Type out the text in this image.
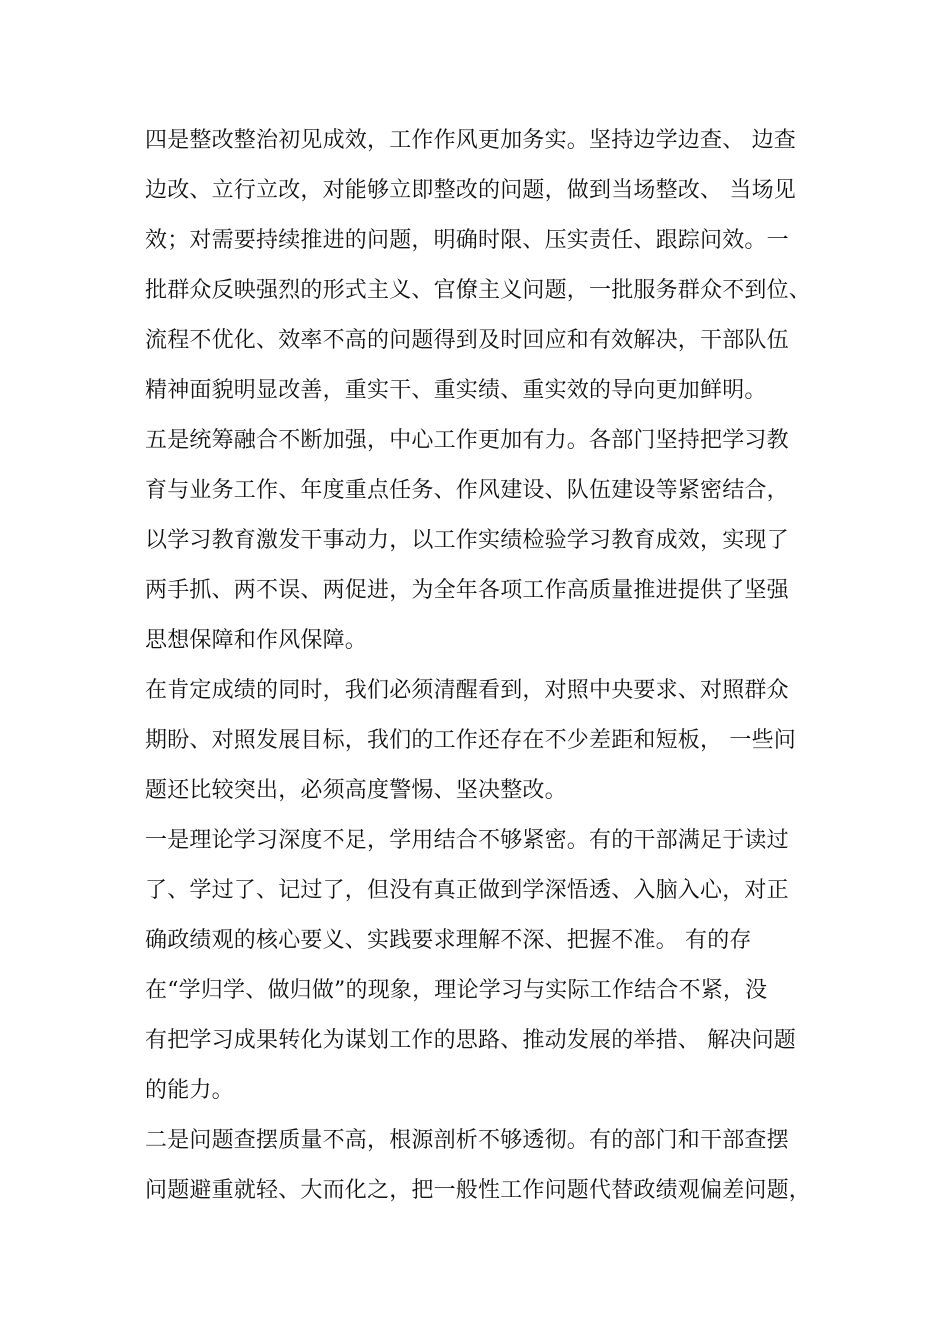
四是整改整治初见成效，工作作风更加务实。坚持边学边查、 边查
边改、立行立改，对能够立即整改的问题，做到当场整改、 当场见
效；对需要持续推进的问题，明确时限、压实责任、跟踪问效。一
批群众反映强烈的形式主义、官僚主义问题，一批服务群众不到位、
流程不优化、效率不高的问题得到及时回应和有效解决，干部队伍
精神面貌明显改善，重实干、重实绩、重实效的导向更加鲜明。
五是统筹融合不断加强，中心工作更加有力。各部门坚持把学习教
育与业务工作、年度重点任务、作风建设、队伍建设等紧密结合，
以学习教育激发干事动力，以工作实绩检验学习教育成效，实现了
两手抓、两不误、两促进，为全年各项工作高质量推进提供了坚强
思想保障和作风保障。
在肯定成绩的同时，我们必须清醒看到，对照中央要求、对照群众
期盼、对照发展目标，我们的工作还存在不少差距和短板， 一些问
题还比较突出，必须高度警惕、坚决整改。
一是理论学习深度不足，学用结合不够紧密。有的干部满足于读过
了、学过了、记过了，但没有真正做到学深悟透、入脑入心，对正
确政绩观的核心要义、实践要求理解不深、把握不准。 有的存
在“学归学、做归做”的现象，理论学习与实际工作结合不紧，没
有把学习成果转化为谋划工作的思路、推动发展的举措、 解决问题
的能力。
二是问题查摆质量不高，根源剖析不够透彻。有的部门和干部查摆
问题避重就轻、大而化之，把一般性工作问题代替政绩观偏差问题，
